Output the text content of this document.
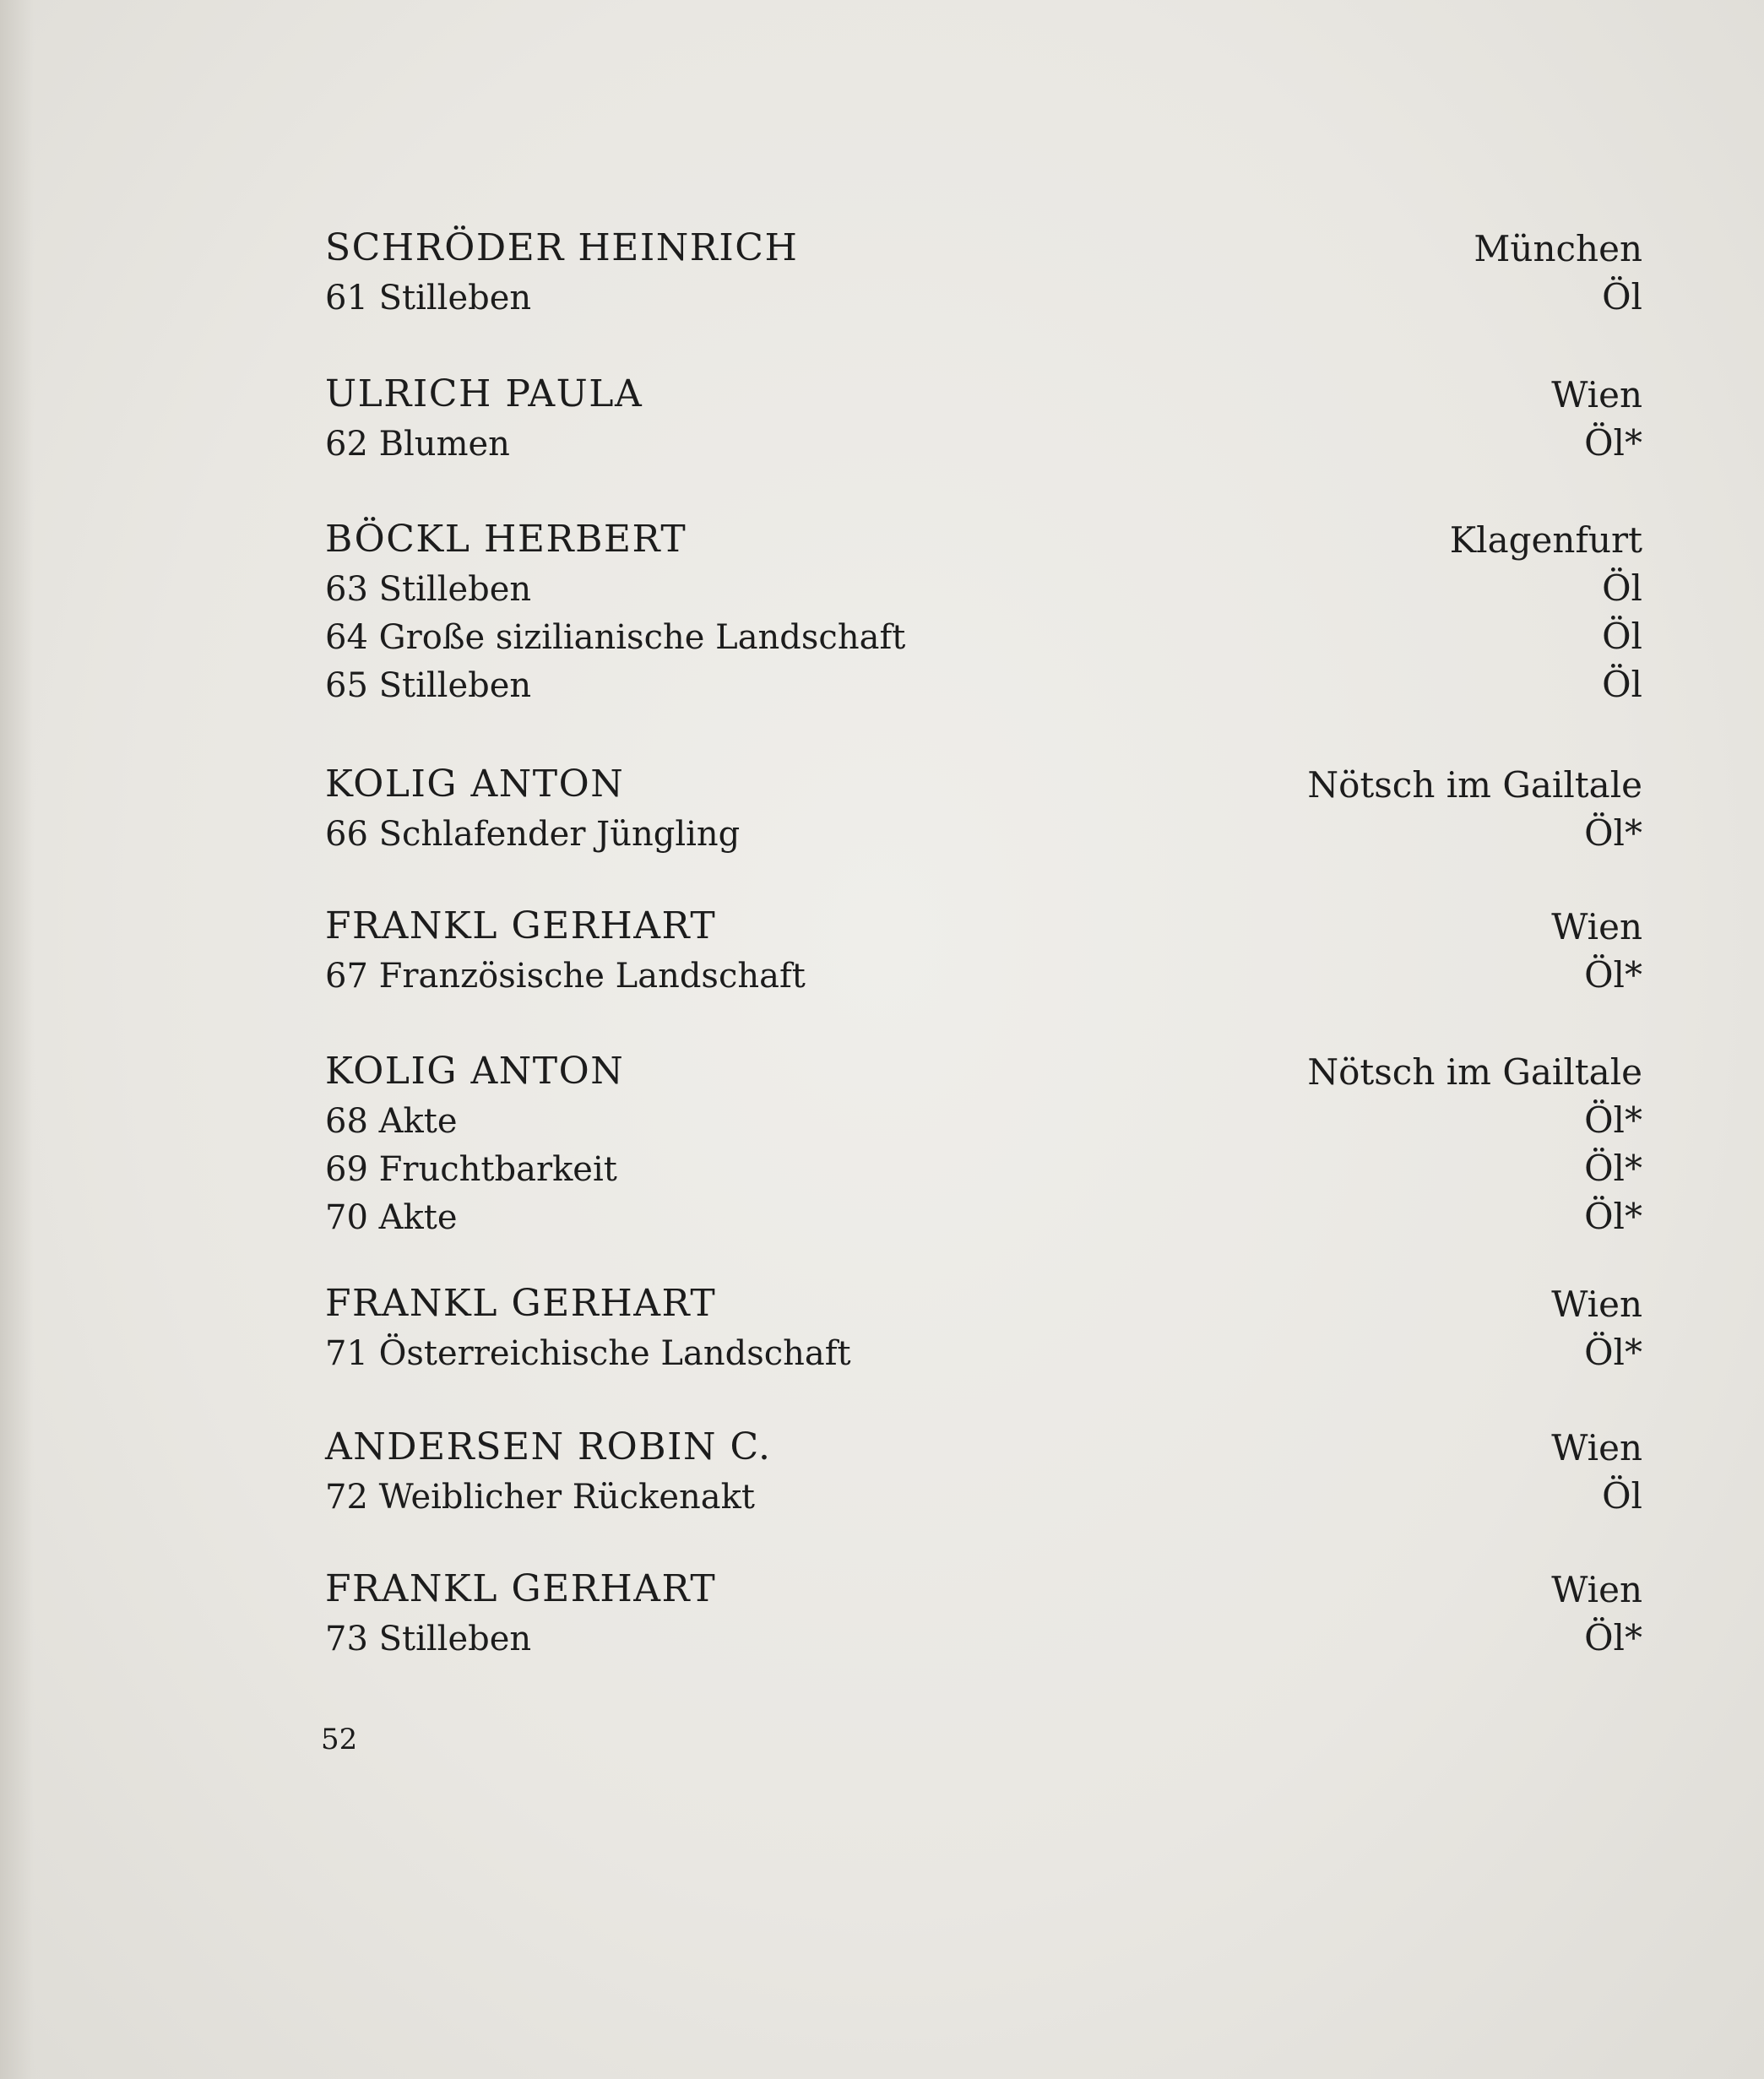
SCHRÖDER HEINRICH	München
61 Stilleben	Öl
ULRICH PAULA	Wien
62 Blumen	Öl*
BÖCKL HERBERT	Klagenfurt
63 Stilleben	Öl
64 Große sizilianische Landschaft	Öl
65 Stilleben	Öl
KOLIG ANTON	Nötsch im Gailtale
66 Schlafender Jüngling	Öl*
FRANKL GERHART	Wien
67 Französische Landschaft	Öl*
KOLIG ANTON	Nötsch im Gailtale
68 Akte	Öl*
69 Fruchtbarkeit	Öl*
70 Akte	Öl*
FRANKL GERHART	Wien
71 Österreichische Landschaft	Öl*
ANDERSEN ROBIN C.	Wien
72 Weiblicher Rückenakt	Öl
FRANKL GERHART	Wien
73 Stilleben	Öl*
52
